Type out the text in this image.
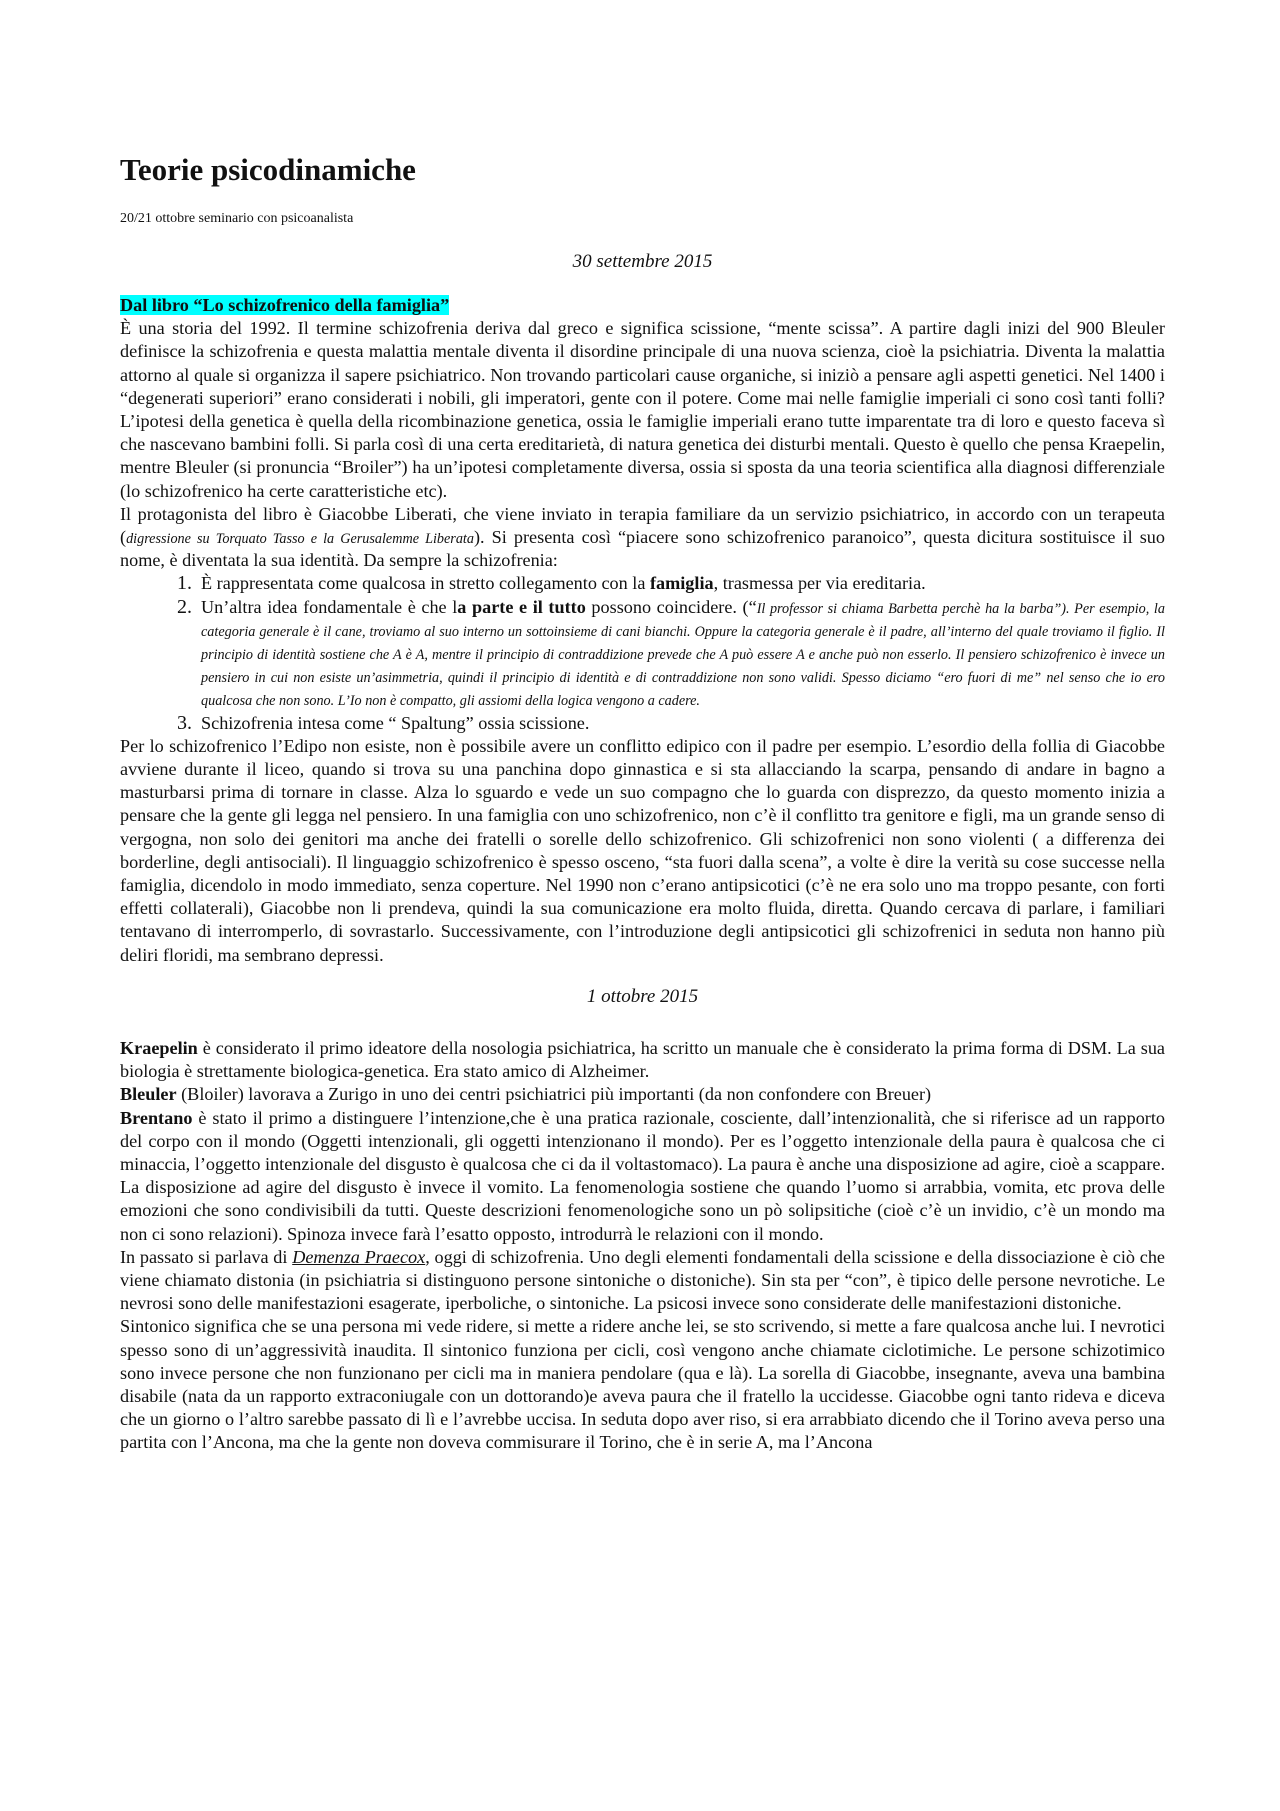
Teorie psicodinamiche
20/21 ottobre seminario con psicoanalista
30 settembre 2015
Dal libro “Lo schizofrenico della famiglia”
È una storia del 1992. Il termine schizofrenia deriva dal greco e significa scissione, “mente scissa”. A partire dagli inizi del 900 Bleuler definisce la schizofrenia e questa malattia mentale diventa il disordine principale di una nuova scienza, cioè la psichiatria. Diventa la malattia attorno al quale si organizza il sapere psichiatrico. Non trovando particolari cause organiche, si iniziò a pensare agli aspetti genetici. Nel 1400 i “degenerati superiori” erano considerati i nobili, gli imperatori, gente con il potere. Come mai nelle famiglie imperiali ci sono così tanti folli? L’ipotesi della genetica è quella della ricombinazione genetica, ossia le famiglie imperiali erano tutte imparentate tra di loro e questo faceva sì che nascevano bambini folli. Si parla così di una certa ereditarietà, di natura genetica dei disturbi mentali. Questo è quello che pensa Kraepelin, mentre Bleuler (si pronuncia “Broiler”) ha un’ipotesi completamente diversa, ossia si sposta da una teoria scientifica alla diagnosi differenziale (lo schizofrenico ha certe caratteristiche etc).
Il protagonista del libro è Giacobbe Liberati, che viene inviato in terapia familiare da un servizio psichiatrico, in accordo con un terapeuta (digressione su Torquato Tasso e la Gerusalemme Liberata). Si presenta così “piacere sono schizofrenico paranoico”, questa dicitura sostituisce il suo nome, è diventata la sua identità. Da sempre la schizofrenia:
1. È rappresentata come qualcosa in stretto collegamento con la famiglia, trasmessa per via ereditaria.
2. Un’altra idea fondamentale è che la parte e il tutto possono coincidere. (“Il professor si chiama Barbetta perchè ha la barba”). Per esempio, la categoria generale è il cane, troviamo al suo interno un sottoinsieme di cani bianchi. Oppure la categoria generale è il padre, all’interno del quale troviamo il figlio. Il principio di identità sostiene che A è A, mentre il principio di contraddizione prevede che A può essere A e anche può non esserlo. Il pensiero schizofrenico è invece un pensiero in cui non esiste un’asimmetria, quindi il principio di identità e di contraddizione non sono validi. Spesso diciamo “ero fuori di me” nel senso che io ero qualcosa che non sono. L’Io non è compatto, gli assiomi della logica vengono a cadere.
3. Schizofrenia intesa come “ Spaltung” ossia scissione.
Per lo schizofrenico l’Edipo non esiste, non è possibile avere un conflitto edipico con il padre per esempio. L’esordio della follia di Giacobbe avviene durante il liceo, quando si trova su una panchina dopo ginnastica e si sta allacciando la scarpa, pensando di andare in bagno a masturbarsi prima di tornare in classe. Alza lo sguardo e vede un suo compagno che lo guarda con disprezzo, da questo momento inizia a pensare che la gente gli legga nel pensiero. In una famiglia con uno schizofrenico, non c’è il conflitto tra genitore e figli, ma un grande senso di vergogna, non solo dei genitori ma anche dei fratelli o sorelle dello schizofrenico. Gli schizofrenici non sono violenti ( a differenza dei borderline, degli antisociali). Il linguaggio schizofrenico è spesso osceno, “sta fuori dalla scena”, a volte è dire la verità su cose successe nella famiglia, dicendolo in modo immediato, senza coperture. Nel 1990 non c’erano antipsicotici (c’è ne era solo uno ma troppo pesante, con forti effetti collaterali), Giacobbe non li prendeva, quindi la sua comunicazione era molto fluida, diretta. Quando cercava di parlare, i familiari tentavano di interromperlo, di sovrastarlo. Successivamente, con l’introduzione degli antipsicotici gli schizofrenici in seduta non hanno più deliri floridi, ma sembrano depressi.
1 ottobre 2015
Kraepelin è considerato il primo ideatore della nosologia psichiatrica, ha scritto un manuale che è considerato la prima forma di DSM. La sua biologia è strettamente biologica-genetica. Era stato amico di Alzheimer.
Bleuler (Bloiler) lavorava a Zurigo in uno dei centri psichiatrici più importanti (da non confondere con Breuer)
Brentano è stato il primo a distinguere l’intenzione,che è una pratica razionale, cosciente, dall’intenzionalità, che si riferisce ad un rapporto del corpo con il mondo (Oggetti intenzionali, gli oggetti intenzionano il mondo). Per es l’oggetto intenzionale della paura è qualcosa che ci minaccia, l’oggetto intenzionale del disgusto è qualcosa che ci da il voltastomaco). La paura è anche una disposizione ad agire, cioè a scappare. La disposizione ad agire del disgusto è invece il vomito. La fenomenologia sostiene che quando l’uomo si arrabbia, vomita, etc prova delle emozioni che sono condivisibili da tutti. Queste descrizioni fenomenologiche sono un pò solipsitiche (cioè c’è un invidio, c’è un mondo ma non ci sono relazioni). Spinoza invece farà l’esatto opposto, introdurrà le relazioni con il mondo.
In passato si parlava di Demenza Praecox, oggi di schizofrenia. Uno degli elementi fondamentali della scissione e della dissociazione è ciò che viene chiamato distonia (in psichiatria si distinguono persone sintoniche o distoniche). Sin sta per “con”, è tipico delle persone nevrotiche. Le nevrosi sono delle manifestazioni esagerate, iperboliche, o sintoniche. La psicosi invece sono considerate delle manifestazioni distoniche.
Sintonico significa che se una persona mi vede ridere, si mette a ridere anche lei, se sto scrivendo, si mette a fare qualcosa anche lui. I nevrotici spesso sono di un’aggressività inaudita. Il sintonico funziona per cicli, così vengono anche chiamate ciclotimiche. Le persone schizotimico sono invece persone che non funzionano per cicli ma in maniera pendolare (qua e là). La sorella di Giacobbe, insegnante, aveva una bambina disabile (nata da un rapporto extraconiugale con un dottorando)e aveva paura che il fratello la uccidesse. Giacobbe ogni tanto rideva e diceva che un giorno o l’altro sarebbe passato di lì e l’avrebbe uccisa. In seduta dopo aver riso, si era arrabbiato dicendo che il Torino aveva perso una partita con l’Ancona, ma che la gente non doveva commisurare il Torino, che è in serie A, ma l’Ancona
